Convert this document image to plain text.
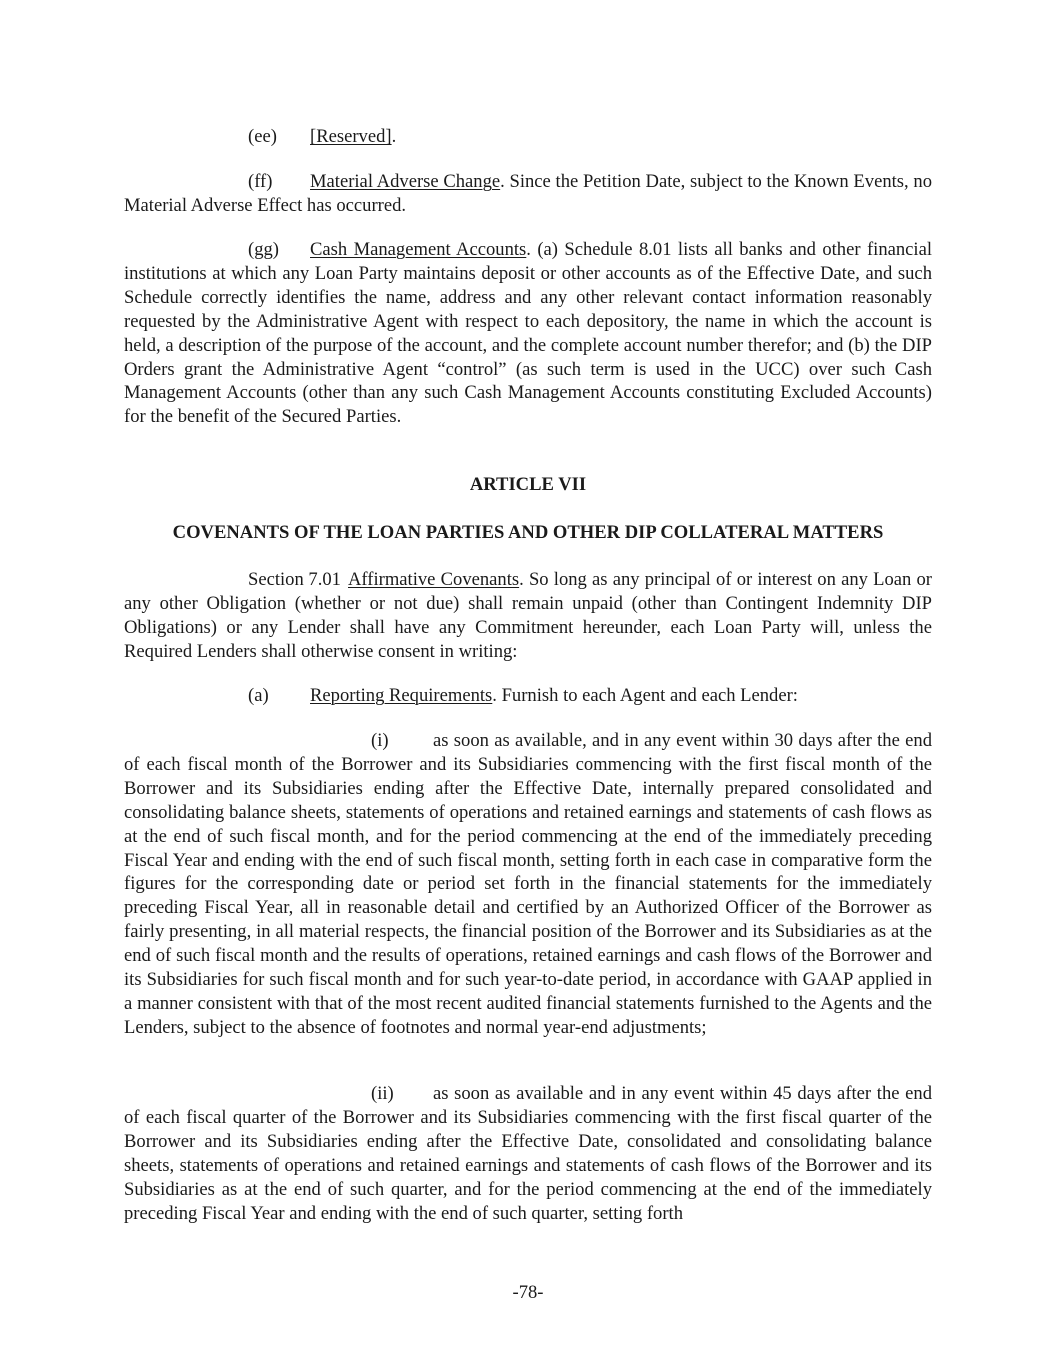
(ee) [Reserved].

(ff) Material Adverse Change. Since the Petition Date, subject to the Known Events, no Material Adverse Effect has occurred.

(gg) Cash Management Accounts. (a) Schedule 8.01 lists all banks and other financial institutions at which any Loan Party maintains deposit or other accounts as of the Effective Date, and such Schedule correctly identifies the name, address and any other relevant contact information reasonably requested by the Administrative Agent with respect to each depository, the name in which the account is held, a description of the purpose of the account, and the complete account number therefor; and (b) the DIP Orders grant the Administrative Agent “control” (as such term is used in the UCC) over such Cash Management Accounts (other than any such Cash Management Accounts constituting Excluded Accounts) for the benefit of the Secured Parties.

ARTICLE VII

COVENANTS OF THE LOAN PARTIES AND OTHER DIP COLLATERAL MATTERS

Section 7.01 Affirmative Covenants. So long as any principal of or interest on any Loan or any other Obligation (whether or not due) shall remain unpaid (other than Contingent Indemnity DIP Obligations) or any Lender shall have any Commitment hereunder, each Loan Party will, unless the Required Lenders shall otherwise consent in writing:

(a) Reporting Requirements. Furnish to each Agent and each Lender:

(i) as soon as available, and in any event within 30 days after the end of each fiscal month of the Borrower and its Subsidiaries commencing with the first fiscal month of the Borrower and its Subsidiaries ending after the Effective Date, internally prepared consolidated and consolidating balance sheets, statements of operations and retained earnings and statements of cash flows as at the end of such fiscal month, and for the period commencing at the end of the immediately preceding Fiscal Year and ending with the end of such fiscal month, setting forth in each case in comparative form the figures for the corresponding date or period set forth in the financial statements for the immediately preceding Fiscal Year, all in reasonable detail and certified by an Authorized Officer of the Borrower as fairly presenting, in all material respects, the financial position of the Borrower and its Subsidiaries as at the end of such fiscal month and the results of operations, retained earnings and cash flows of the Borrower and its Subsidiaries for such fiscal month and for such year-to-date period, in accordance with GAAP applied in a manner consistent with that of the most recent audited financial statements furnished to the Agents and the Lenders, subject to the absence of footnotes and normal year-end adjustments;

(ii) as soon as available and in any event within 45 days after the end of each fiscal quarter of the Borrower and its Subsidiaries commencing with the first fiscal quarter of the Borrower and its Subsidiaries ending after the Effective Date, consolidated and consolidating balance sheets, statements of operations and retained earnings and statements of cash flows of the Borrower and its Subsidiaries as at the end of such quarter, and for the period commencing at the end of the immediately preceding Fiscal Year and ending with the end of such quarter, setting forth

-78-
